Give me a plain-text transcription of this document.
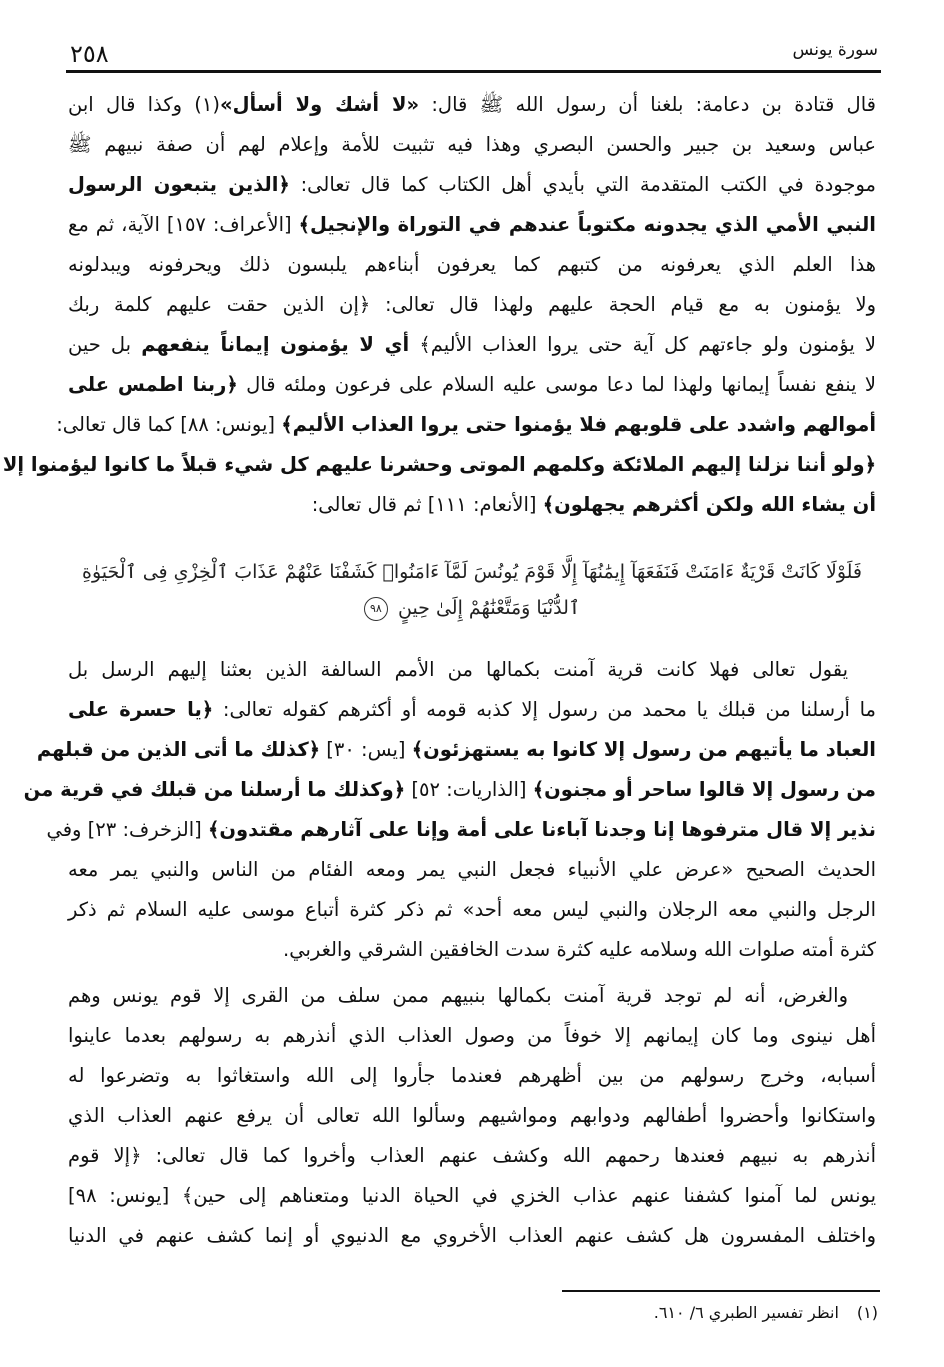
٢٥٨	سورة يونس
قال قتادة بن دعامة: بلغنا أن رسول الله ﷺ قال: «لا أشك ولا أسأل»(١) وكذا قال ابن
عباس وسعيد بن جبير والحسن البصري وهذا فيه تثبيت للأمة وإعلام لهم أن صفة نبيهم ﷺ
موجودة في الكتب المتقدمة التي بأيدي أهل الكتاب كما قال تعالى: ﴿الذين يتبعون الرسول
النبي الأمي الذي يجدونه مكتوباً عندهم في التوراة والإنجيل﴾ [الأعراف: ١٥٧] الآية، ثم مع
هذا العلم الذي يعرفونه من كتبهم كما يعرفون أبناءهم يلبسون ذلك ويحرفونه ويبدلونه
ولا يؤمنون به مع قيام الحجة عليهم ولهذا قال تعالى: ﴿إن الذين حقت عليهم كلمة ربك
لا يؤمنون ولو جاءتهم كل آية حتى يروا العذاب الأليم﴾ أي لا يؤمنون إيماناً ينفعهم بل حين
لا ينفع نفساً إيمانها ولهذا لما دعا موسى عليه السلام على فرعون وملئه قال ﴿ربنا اطمس على
أموالهم واشدد على قلوبهم فلا يؤمنوا حتى يروا العذاب الأليم﴾ [يونس: ٨٨] كما قال تعالى:
﴿ولو أننا نزلنا إليهم الملائكة وكلمهم الموتى وحشرنا عليهم كل شيء قبلاً ما كانوا ليؤمنوا إلا
أن يشاء الله ولكن أكثرهم يجهلون﴾ [الأنعام: ١١١] ثم قال تعالى:
فَلَوْلَا كَانَتْ قَرْيَةٌ ءَامَنَتْ فَنَفَعَهَآ إِيمَٰنُهَآ إِلَّا قَوْمَ يُونُسَ لَمَّآ ءَامَنُوا۟ كَشَفْنَا عَنْهُمْ عَذَابَ ٱلْخِزْىِ فِى ٱلْحَيَوٰةِ
ٱلدُّنْيَا وَمَتَّعْنَٰهُمْ إِلَىٰ حِينٍ ٩٨
يقول تعالى فهلا كانت قرية آمنت بكمالها من الأمم السالفة الذين بعثنا إليهم الرسل بل
ما أرسلنا من قبلك يا محمد من رسول إلا كذبه قومه أو أكثرهم كقوله تعالى: ﴿يا حسرة على
العباد ما يأتيهم من رسول إلا كانوا به يستهزئون﴾ [يس: ٣٠] ﴿كذلك ما أتى الذين من قبلهم
من رسول إلا قالوا ساحر أو مجنون﴾ [الذاريات: ٥٢] ﴿وكذلك ما أرسلنا من قبلك في قرية من
نذير إلا قال مترفوها إنا وجدنا آباءنا على أمة وإنا على آثارهم مقتدون﴾ [الزخرف: ٢٣] وفي
الحديث الصحيح «عرض علي الأنبياء فجعل النبي يمر ومعه الفئام من الناس والنبي يمر معه
الرجل والنبي معه الرجلان والنبي ليس معه أحد» ثم ذكر كثرة أتباع موسى عليه السلام ثم ذكر
كثرة أمته صلوات الله وسلامه عليه كثرة سدت الخافقين الشرقي والغربي.
والغرض، أنه لم توجد قرية آمنت بكمالها بنبيهم ممن سلف من القرى إلا قوم يونس وهم
أهل نينوى وما كان إيمانهم إلا خوفاً من وصول العذاب الذي أنذرهم به رسولهم بعدما عاينوا
أسبابه، وخرج رسولهم من بين أظهرهم فعندما جأروا إلى الله واستغاثوا به وتضرعوا له
واستكانوا وأحضروا أطفالهم ودوابهم ومواشيهم وسألوا الله تعالى أن يرفع عنهم العذاب الذي
أنذرهم به نبيهم فعندها رحمهم الله وكشف عنهم العذاب وأخروا كما قال تعالى: ﴿إلا قوم
يونس لما آمنوا كشفنا عنهم عذاب الخزي في الحياة الدنيا ومتعناهم إلى حين﴾ [يونس: ٩٨]
واختلف المفسرون هل كشف عنهم العذاب الأخروي مع الدنيوي أو إنما كشف عنهم في الدنيا
(١)انظر تفسير الطبري ٦/ ٦١٠.
